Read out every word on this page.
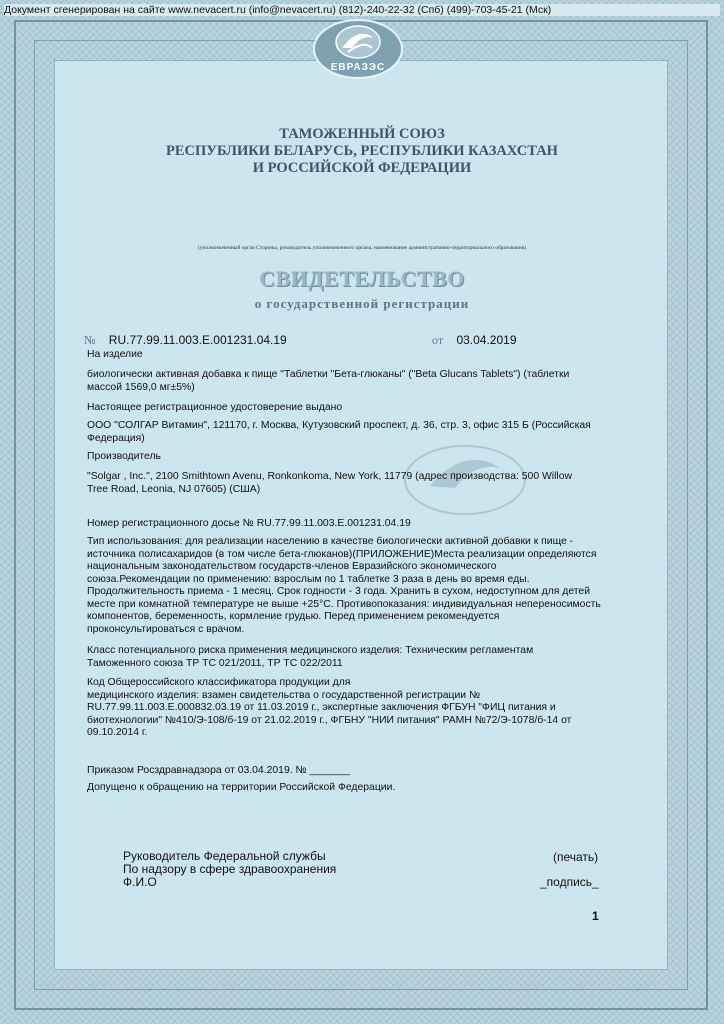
Документ сгенерирован на сайте www.nevacert.ru (info@nevacert.ru) (812)-240-22-32 (Спб) (499)-703-45-21 (Мск)
ЕВРАЗЭС
ТАМОЖЕННЫЙ СОЮЗ
РЕСПУБЛИКИ БЕЛАРУСЬ, РЕСПУБЛИКИ КАЗАХСТАН
И РОССИЙСКОЙ ФЕДЕРАЦИИ
(уполномоченный орган Стороны, руководитель уполномоченного органа, наименование административно-территориального образования)
СВИДЕТЕЛЬСТВО
о государственной регистрации
№ RU.77.99.11.003.Е.001231.04.19	от 03.04.2019
На изделие
биологически активная добавка к пище "Таблетки "Бета-глюканы" ("Beta Glucans Tablets") (таблетки
массой 1569,0 мг±5%)
Настоящее регистрационное удостоверение выдано
ООО "СОЛГАР Витамин", 121170, г. Москва, Кутузовский проспект, д. 36, стр. 3, офис 315 Б (Российская
Федерация)
Производитель
"Solgar , Inc.", 2100 Smithtown Avenu, Ronkonkoma, New York, 11779 (адрес производства: 500 Willow
Tree Road, Leonia, NJ 07605) (США)
Номер регистрационного досье № RU.77.99.11.003.Е.001231.04.19
Тип использования: для реализации населению в качестве биологически активной добавки к пище -
источника полисахаридов (в том числе бета-глюканов)(ПРИЛОЖЕНИЕ)Места реализации определяются
национальным законодательством государств-членов Евразийского экономического
союза.Рекомендации по применению: взрослым по 1 таблетке 3 раза в день во время еды.
Продолжительность приема - 1 месяц. Срок годности - 3 года. Хранить в сухом, недоступном для детей
месте при комнатной температуре не выше +25°С. Противопоказания: индивидуальная непереносимость
компонентов, беременность, кормление грудью. Перед применением рекомендуется
проконсультироваться с врачом.
Класс потенциального риска применения медицинского изделия: Техническим регламентам
Таможенного союза ТР ТС 021/2011, ТР ТС 022/2011
Код Общероссийского классификатора продукции для
медицинского изделия: взамен свидетельства о государственной регистрации №
RU.77.99.11.003.Е.000832.03.19 от 11.03.2019 г., экспертные заключения ФГБУН "ФИЦ питания и
биотехнологии" №410/Э-108/б-19 от 21.02.2019 г., ФГБНУ "НИИ питания" РАМН №72/Э-1078/б-14 от
09.10.2014 г.
Приказом Росздравнадзора от 03.04.2019. № _______
Допущено к обращению на территории Российской Федерации.
Руководитель Федеральной службы
По надзору в сфере здравоохранения
Ф.И.О
(печать)
_подпись_
1
